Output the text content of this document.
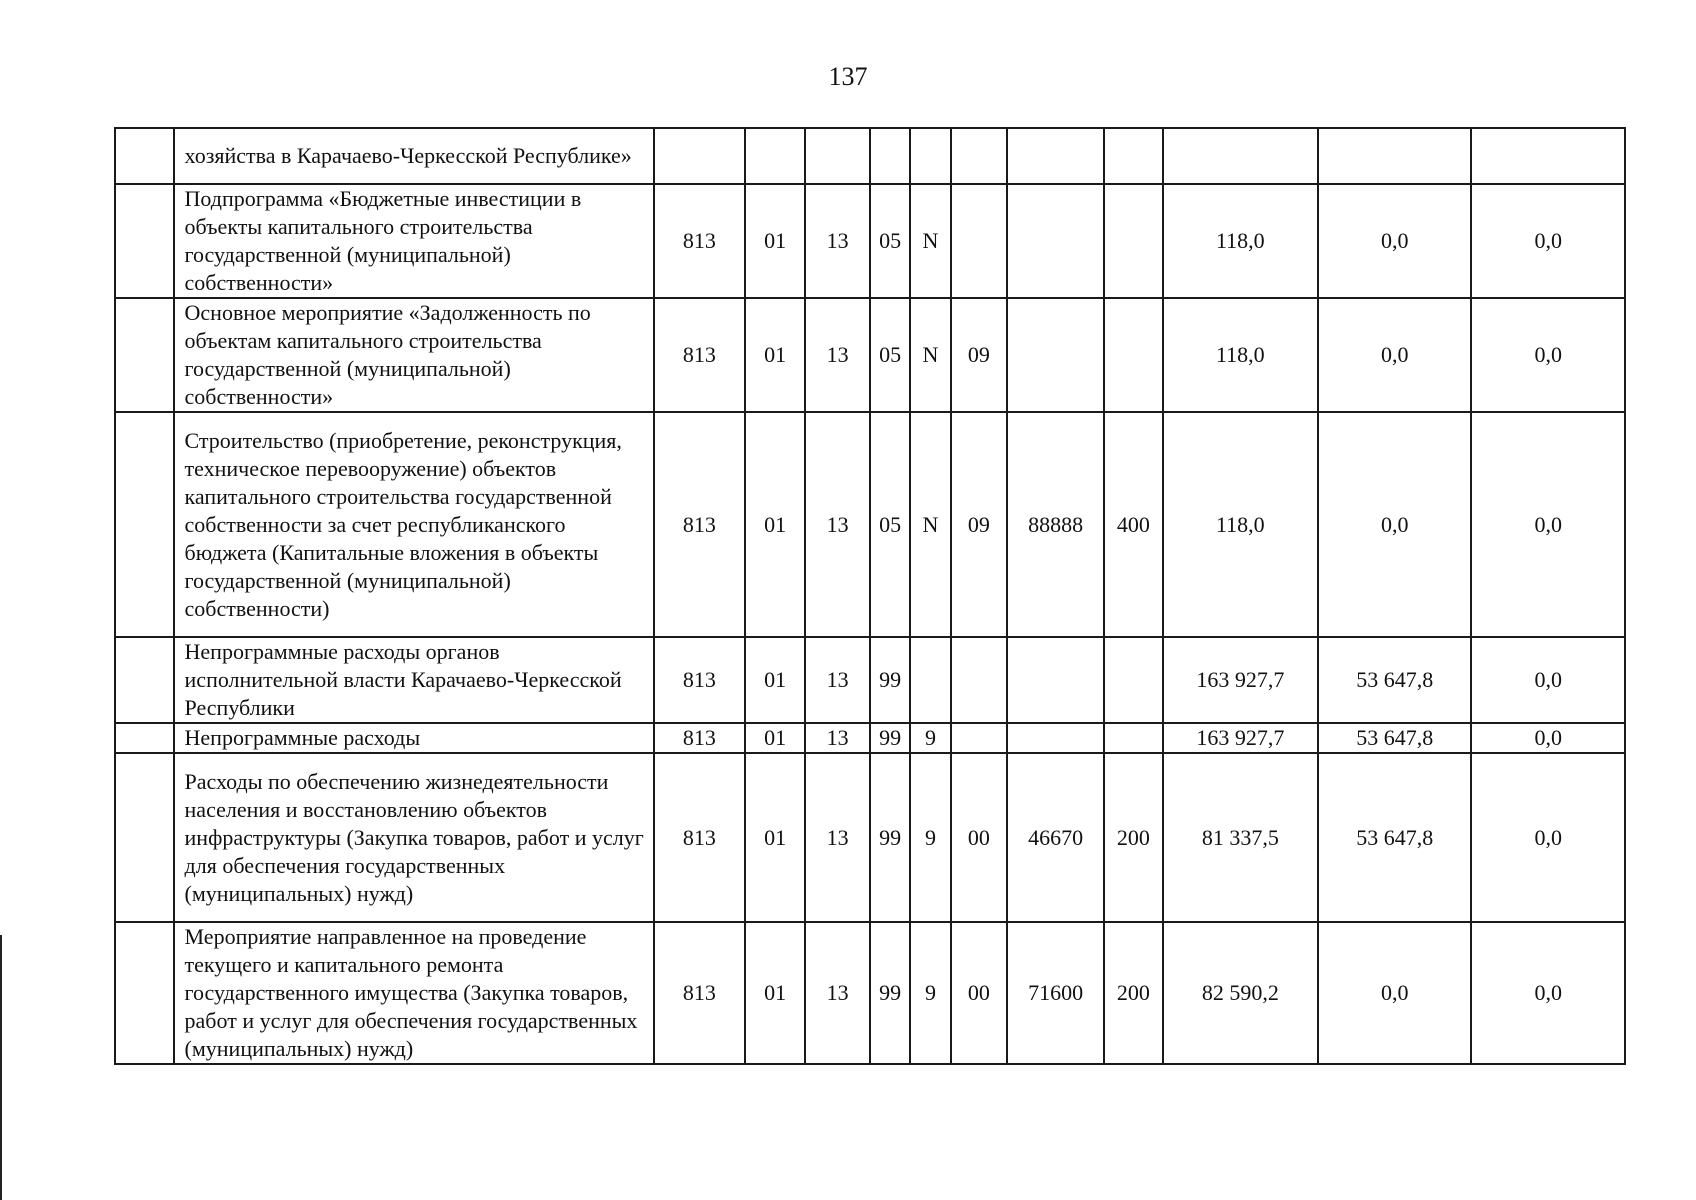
137
	хозяйства в Карачаево-Черкесской Республике»											
	Подпрограмма «Бюджетные инвестиции в объекты капитального строительства государственной (муниципальной) собственности»	813	01	13	05	N				118,0	0,0	0,0
	Основное мероприятие «Задолженность по объектам капитального строительства государственной (муниципальной) собственности»	813	01	13	05	N	09			118,0	0,0	0,0
	Строительство (приобретение, реконструкция, техническое перевооружение) объектов капитального строительства государственной собственности за счет республиканского бюджета (Капитальные вложения в объекты государственной (муниципальной) собственности)	813	01	13	05	N	09	88888	400	118,0	0,0	0,0
	Непрограммные расходы органов исполнительной власти Карачаево-Черкесской Республики	813	01	13	99					163 927,7	53 647,8	0,0
	Непрограммные расходы	813	01	13	99	9				163 927,7	53 647,8	0,0
	Расходы по обеспечению жизнедеятельности населения и восстановлению объектов инфраструктуры (Закупка товаров, работ и услуг для обеспечения государственных (муниципальных) нужд)	813	01	13	99	9	00	46670	200	81 337,5	53 647,8	0,0
	Мероприятие направленное на проведение текущего и капитального ремонта государственного имущества (Закупка товаров, работ и услуг для обеспечения государственных (муниципальных) нужд)	813	01	13	99	9	00	71600	200	82 590,2	0,0	0,0
